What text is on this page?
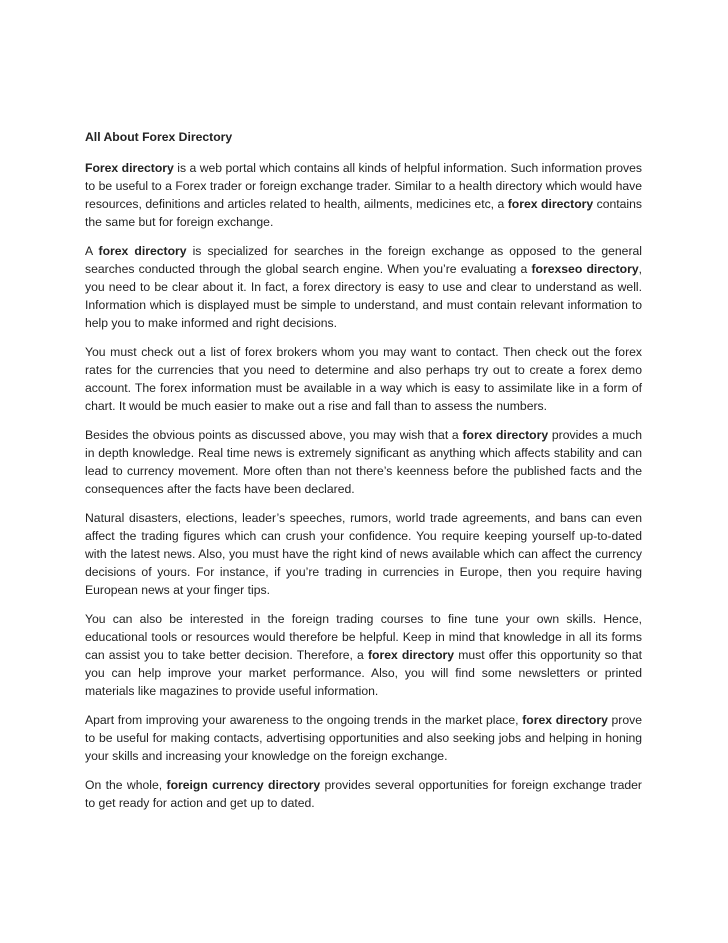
All About Forex Directory

Forex directory is a web portal which contains all kinds of helpful information. Such information proves to be useful to a Forex trader or foreign exchange trader. Similar to a health directory which would have resources, definitions and articles related to health, ailments, medicines etc, a forex directory contains the same but for foreign exchange.

A forex directory is specialized for searches in the foreign exchange as opposed to the general searches conducted through the global search engine. When you’re evaluating a forexseo directory, you need to be clear about it. In fact, a forex directory is easy to use and clear to understand as well. Information which is displayed must be simple to understand, and must contain relevant information to help you to make informed and right decisions.

You must check out a list of forex brokers whom you may want to contact. Then check out the forex rates for the currencies that you need to determine and also perhaps try out to create a forex demo account. The forex information must be available in a way which is easy to assimilate like in a form of chart. It would be much easier to make out a rise and fall than to assess the numbers.

Besides the obvious points as discussed above, you may wish that a forex directory provides a much in depth knowledge. Real time news is extremely significant as anything which affects stability and can lead to currency movement. More often than not there’s keenness before the published facts and the consequences after the facts have been declared.

Natural disasters, elections, leader’s speeches, rumors, world trade agreements, and bans can even affect the trading figures which can crush your confidence. You require keeping yourself up-to-dated with the latest news. Also, you must have the right kind of news available which can affect the currency decisions of yours. For instance, if you’re trading in currencies in Europe, then you require having European news at your finger tips.

You can also be interested in the foreign trading courses to fine tune your own skills. Hence, educational tools or resources would therefore be helpful. Keep in mind that knowledge in all its forms can assist you to take better decision. Therefore, a forex directory must offer this opportunity so that you can help improve your market performance. Also, you will find some newsletters or printed materials like magazines to provide useful information.

Apart from improving your awareness to the ongoing trends in the market place, forex directory prove to be useful for making contacts, advertising opportunities and also seeking jobs and helping in honing your skills and increasing your knowledge on the foreign exchange.

On the whole, foreign currency directory provides several opportunities for foreign exchange trader to get ready for action and get up to dated.
